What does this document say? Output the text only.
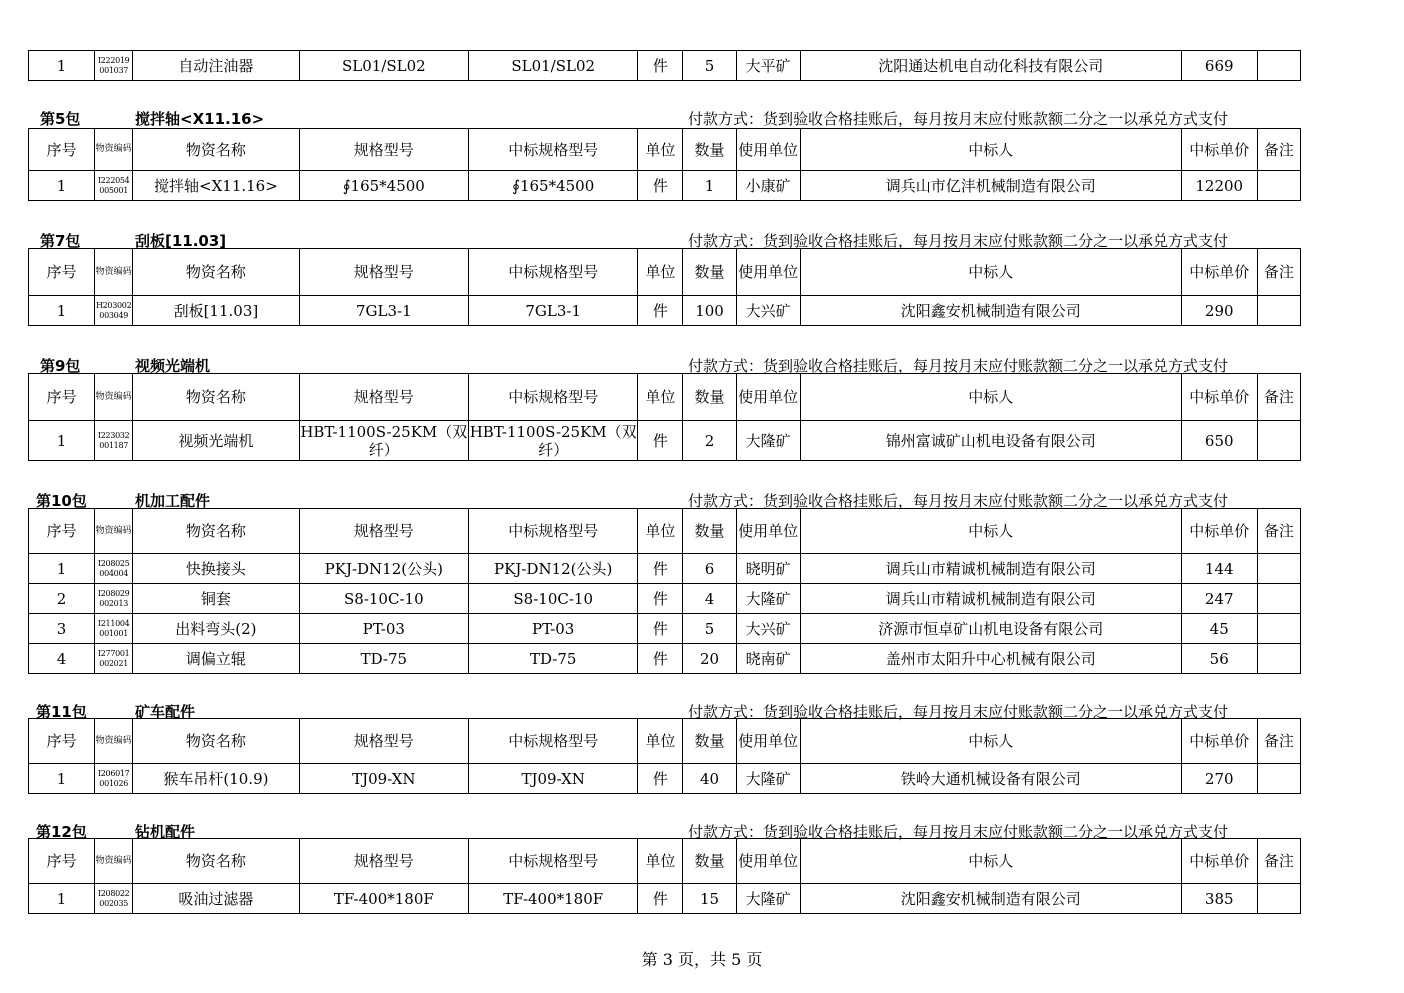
1	I222019 001037	自动注油器	SL01/SL02	SL01/SL02	件	5	大平矿	沈阳通达机电自动化科技有限公司	669	
第5包	搅拌轴<X11.16>	付款方式：货到验收合格挂账后，每月按月末应付账款额二分之一以承兑方式支付
序号	物资编码	物资名称	规格型号	中标规格型号	单位	数量	使用单位	中标人	中标单价	备注
1	I222054 005001	搅拌轴<X11.16>	∮165*4500	∮165*4500	件	1	小康矿	调兵山市亿沣机械制造有限公司	12200	
第7包	刮板[11.03]	付款方式：货到验收合格挂账后，每月按月末应付账款额二分之一以承兑方式支付
序号	物资编码	物资名称	规格型号	中标规格型号	单位	数量	使用单位	中标人	中标单价	备注
1	H203002 003049	刮板[11.03]	7GL3-1	7GL3-1	件	100	大兴矿	沈阳鑫安机械制造有限公司	290	
第9包	视频光端机	付款方式：货到验收合格挂账后，每月按月末应付账款额二分之一以承兑方式支付
序号	物资编码	物资名称	规格型号	中标规格型号	单位	数量	使用单位	中标人	中标单价	备注
1	I223032 001187	视频光端机	HBT-1100S-25KM（双纤）	HBT-1100S-25KM（双纤）	件	2	大隆矿	锦州富诚矿山机电设备有限公司	650	
第10包	机加工配件	付款方式：货到验收合格挂账后，每月按月末应付账款额二分之一以承兑方式支付
序号	物资编码	物资名称	规格型号	中标规格型号	单位	数量	使用单位	中标人	中标单价	备注
1	I208025 004004	快换接头	PKJ-DN12(公头)	PKJ-DN12(公头)	件	6	晓明矿	调兵山市精诚机械制造有限公司	144	
2	I208029 002013	铜套	S8-10C-10	S8-10C-10	件	4	大隆矿	调兵山市精诚机械制造有限公司	247	
3	I211004 001001	出料弯头(2)	PT-03	PT-03	件	5	大兴矿	济源市恒卓矿山机电设备有限公司	45	
4	I277001 002021	调偏立辊	TD-75	TD-75	件	20	晓南矿	盖州市太阳升中心机械有限公司	56	
第11包	矿车配件	付款方式：货到验收合格挂账后，每月按月末应付账款额二分之一以承兑方式支付
序号	物资编码	物资名称	规格型号	中标规格型号	单位	数量	使用单位	中标人	中标单价	备注
1	I206017 001026	猴车吊杆(10.9)	TJ09-XN	TJ09-XN	件	40	大隆矿	铁岭大通机械设备有限公司	270	
第12包	钻机配件	付款方式：货到验收合格挂账后，每月按月末应付账款额二分之一以承兑方式支付
序号	物资编码	物资名称	规格型号	中标规格型号	单位	数量	使用单位	中标人	中标单价	备注
1	I208022 002035	吸油过滤器	TF-400*180F	TF-400*180F	件	15	大隆矿	沈阳鑫安机械制造有限公司	385	
第 3 页，共 5 页
